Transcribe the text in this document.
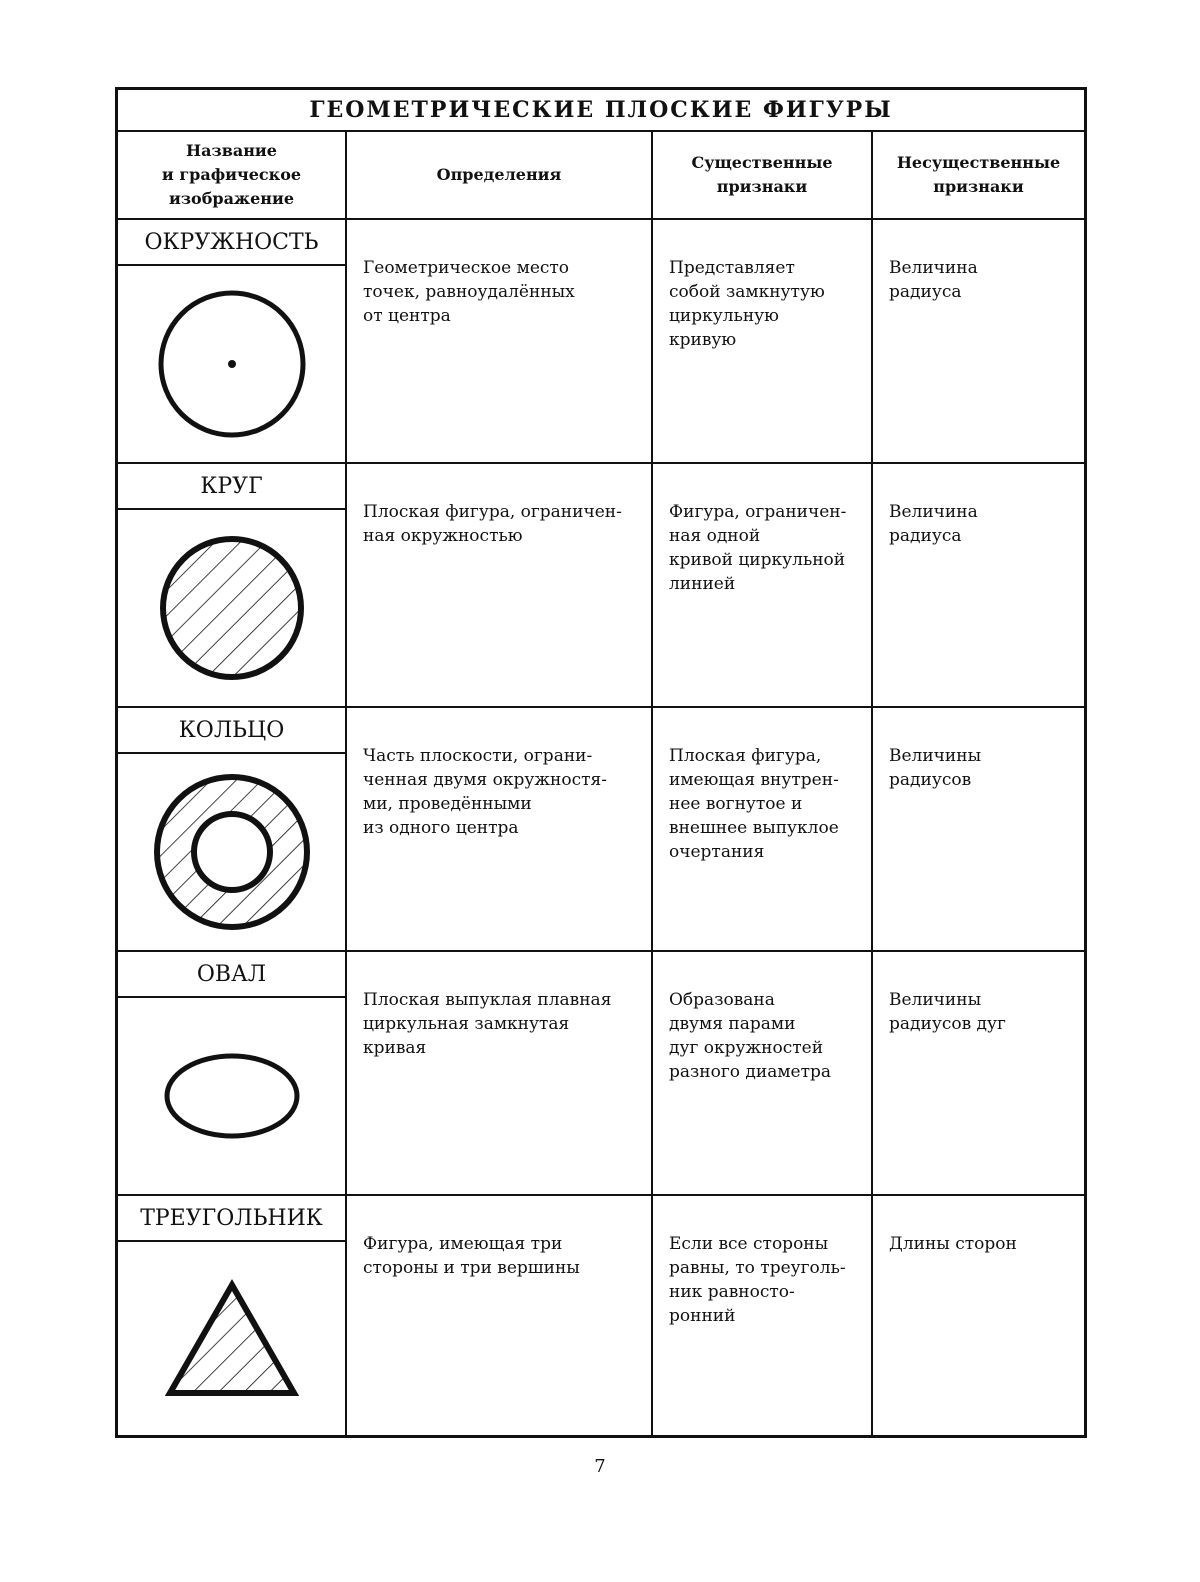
ГЕОМЕТРИЧЕСКИЕ ПЛОСКИЕ ФИГУРЫ
Название
и графическое
изображение
Определения
Существенные
признаки
Несущественные
признаки
ОКРУЖНОСТЬ
Геометрическое место
точек, равноудалённых
от центра
Представляет
собой замкнутую
циркульную
кривую
Величина
радиуса
КРУГ
Плоская фигура, ограничен-
ная окружностью
Фигура, ограничен-
ная одной
кривой циркульной
линией
Величина
радиуса
КОЛЬЦО
Часть плоскости, ограни-
ченная двумя окружностя-
ми, проведёнными
из одного центра
Плоская фигура,
имеющая внутрен-
нее вогнутое и
внешнее выпуклое
очертания
Величины
радиусов
ОВАЛ
Плоская выпуклая плавная
циркульная замкнутая
кривая
Образована
двумя парами
дуг окружностей
разного диаметра
Величины
радиусов дуг
ТРЕУГОЛЬНИК
Фигура, имеющая три
стороны и три вершины
Если все стороны
равны, то треуголь-
ник равносто-
ронний
Длины сторон
7
